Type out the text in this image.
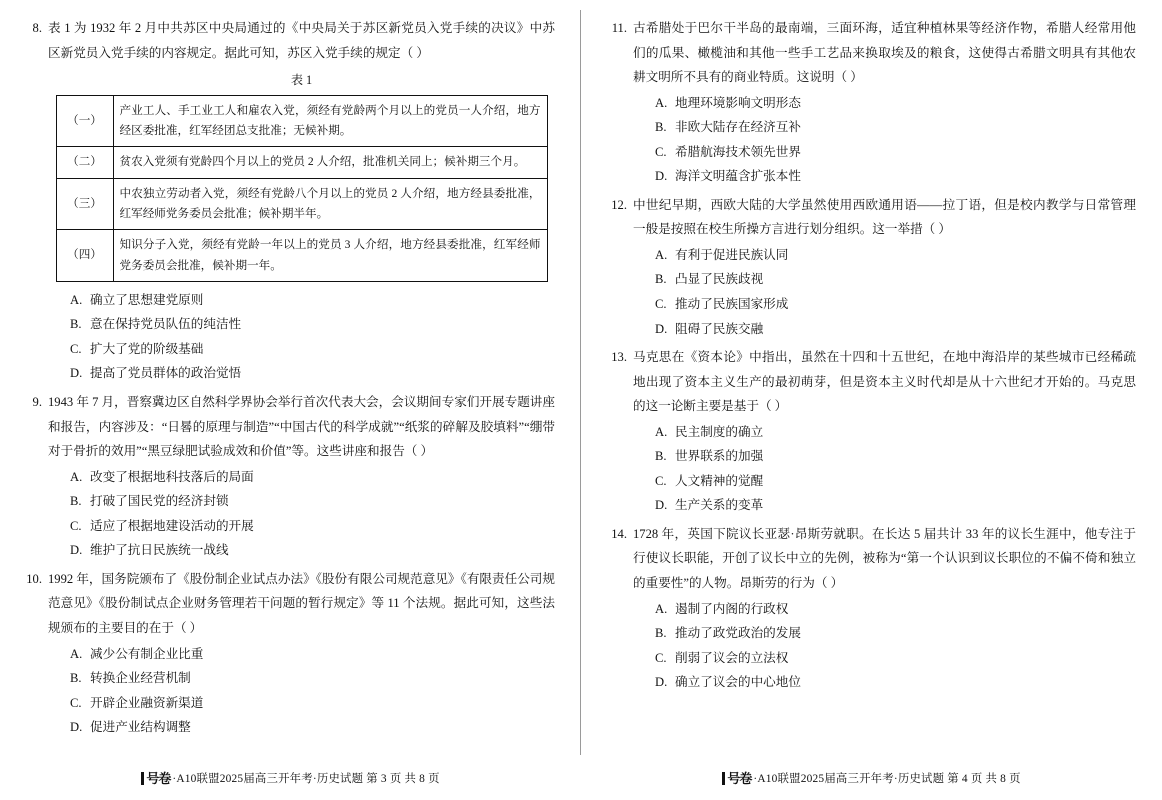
8. 表 1 为 1932 年 2 月中共苏区中央局通过的《中央局关于苏区新党员入党手续的决议》中苏区新党员入党手续的内容规定。据此可知，苏区入党手续的规定（ ）
表 1
（一）	产业工人、手工业工人和雇农入党，须经有党龄两个月以上的党员一人介绍，地方经区委批准，红军经团总支批准；无候补期。
（二）	贫农入党须有党龄四个月以上的党员 2 人介绍，批准机关同上；候补期三个月。
（三）	中农独立劳动者入党，须经有党龄八个月以上的党员 2 人介绍，地方经县委批准，红军经师党务委员会批准；候补期半年。
（四）	知识分子入党，须经有党龄一年以上的党员 3 人介绍，地方经县委批准，红军经师党务委员会批准，候补期一年。
A. 确立了思想建党原则
B. 意在保持党员队伍的纯洁性
C. 扩大了党的阶级基础
D. 提高了党员群体的政治觉悟
9. 1943 年 7 月，晋察冀边区自然科学界协会举行首次代表大会，会议期间专家们开展专题讲座和报告，内容涉及：“日晷的原理与制造”“中国古代的科学成就”“纸浆的碎解及胶填料”“绷带对于骨折的效用”“黑豆绿肥试验成效和价值”等。这些讲座和报告（ ）
A. 改变了根据地科技落后的局面
B. 打破了国民党的经济封锁
C. 适应了根据地建设活动的开展
D. 维护了抗日民族统一战线
10. 1992 年，国务院颁布了《股份制企业试点办法》《股份有限公司规范意见》《有限责任公司规范意见》《股份制试点企业财务管理若干问题的暂行规定》等 11 个法规。据此可知，这些法规颁布的主要目的在于（ ）
A. 减少公有制企业比重
B. 转换企业经营机制
C. 开辟企业融资新渠道
D. 促进产业结构调整
号卷 ·A10联盟2025届高三开年考·历史试题 第 3 页 共 8 页
11. 古希腊处于巴尔干半岛的最南端，三面环海，适宜种植林果等经济作物，希腊人经常用他们的瓜果、橄榄油和其他一些手工艺品来换取埃及的粮食，这使得古希腊文明具有其他农耕文明所不具有的商业特质。这说明（ ）
A. 地理环境影响文明形态
B. 非欧大陆存在经济互补
C. 希腊航海技术领先世界
D. 海洋文明蕴含扩张本性
12. 中世纪早期，西欧大陆的大学虽然使用西欧通用语——拉丁语，但是校内教学与日常管理一般是按照在校生所操方言进行划分组织。这一举措（ ）
A. 有利于促进民族认同
B. 凸显了民族歧视
C. 推动了民族国家形成
D. 阻碍了民族交融
13. 马克思在《资本论》中指出，虽然在十四和十五世纪，在地中海沿岸的某些城市已经稀疏地出现了资本主义生产的最初萌芽，但是资本主义时代却是从十六世纪才开始的。马克思的这一论断主要是基于（ ）
A. 民主制度的确立
B. 世界联系的加强
C. 人文精神的觉醒
D. 生产关系的变革
14. 1728 年，英国下院议长亚瑟·昂斯劳就职。在长达 5 届共计 33 年的议长生涯中，他专注于行使议长职能，开创了议长中立的先例，被称为“第一个认识到议长职位的不偏不倚和独立的重要性”的人物。昂斯劳的行为（ ）
A. 遏制了内阁的行政权
B. 推动了政党政治的发展
C. 削弱了议会的立法权
D. 确立了议会的中心地位
号卷 ·A10联盟2025届高三开年考·历史试题 第 4 页 共 8 页
